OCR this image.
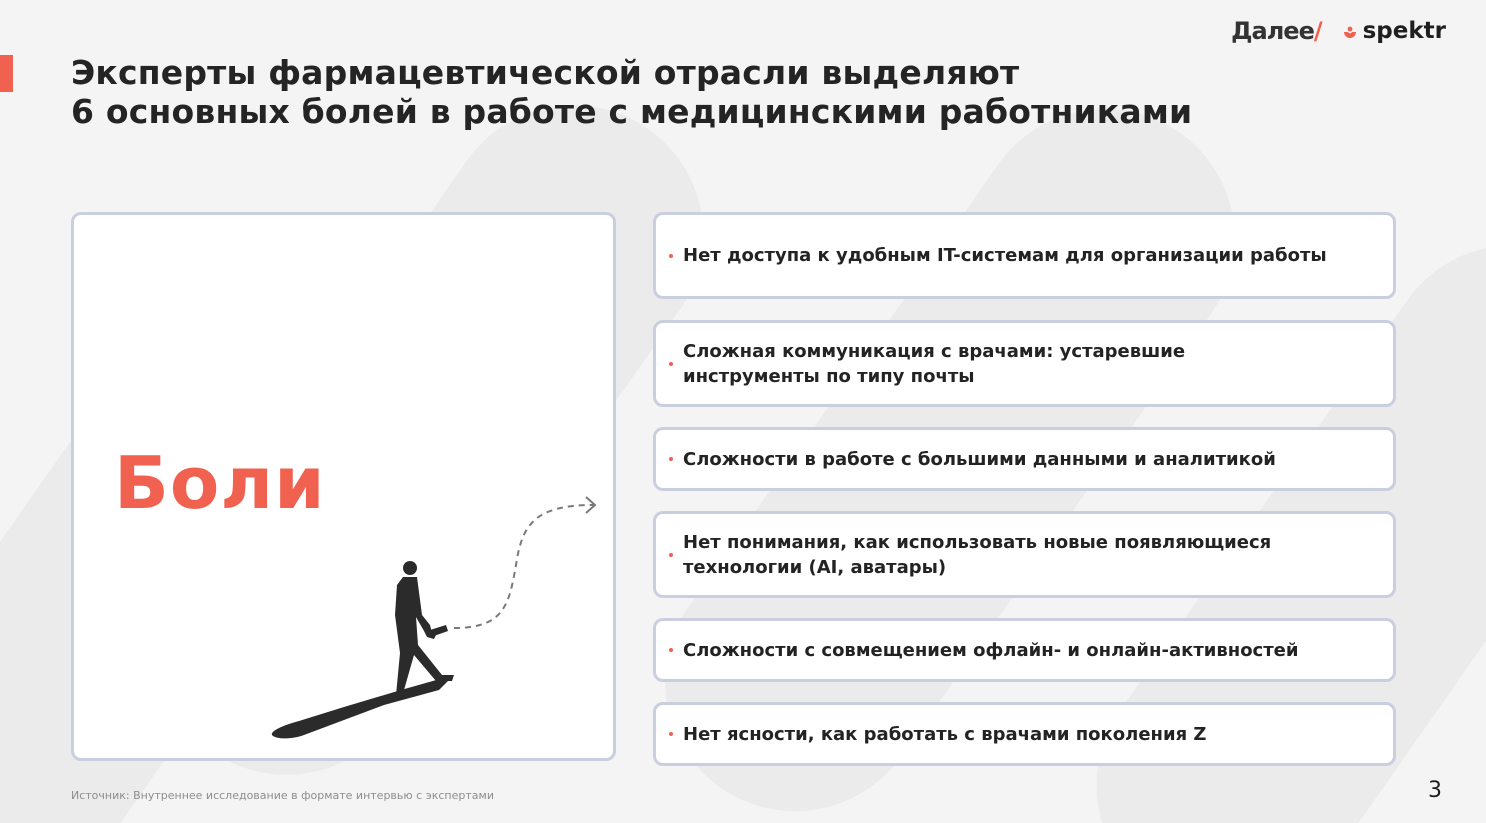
Эксперты фармацевтической отрасли выделяют
6 основных болей в работе с медицинскими работниками
Далее/ spektr
Боли
Нет доступа к удобным IT-системам для организации работы
Сложная коммуникация с врачами: устаревшие инструменты по типу почты
Сложности в работе с большими данными и аналитикой
Нет понимания, как использовать новые появляющиеся технологии (AI, аватары)
Сложности с совмещением офлайн- и онлайн-активностей
Нет ясности, как работать с врачами поколения Z
Источник: Внутреннее исследование в формате интервью с экспертами	3
